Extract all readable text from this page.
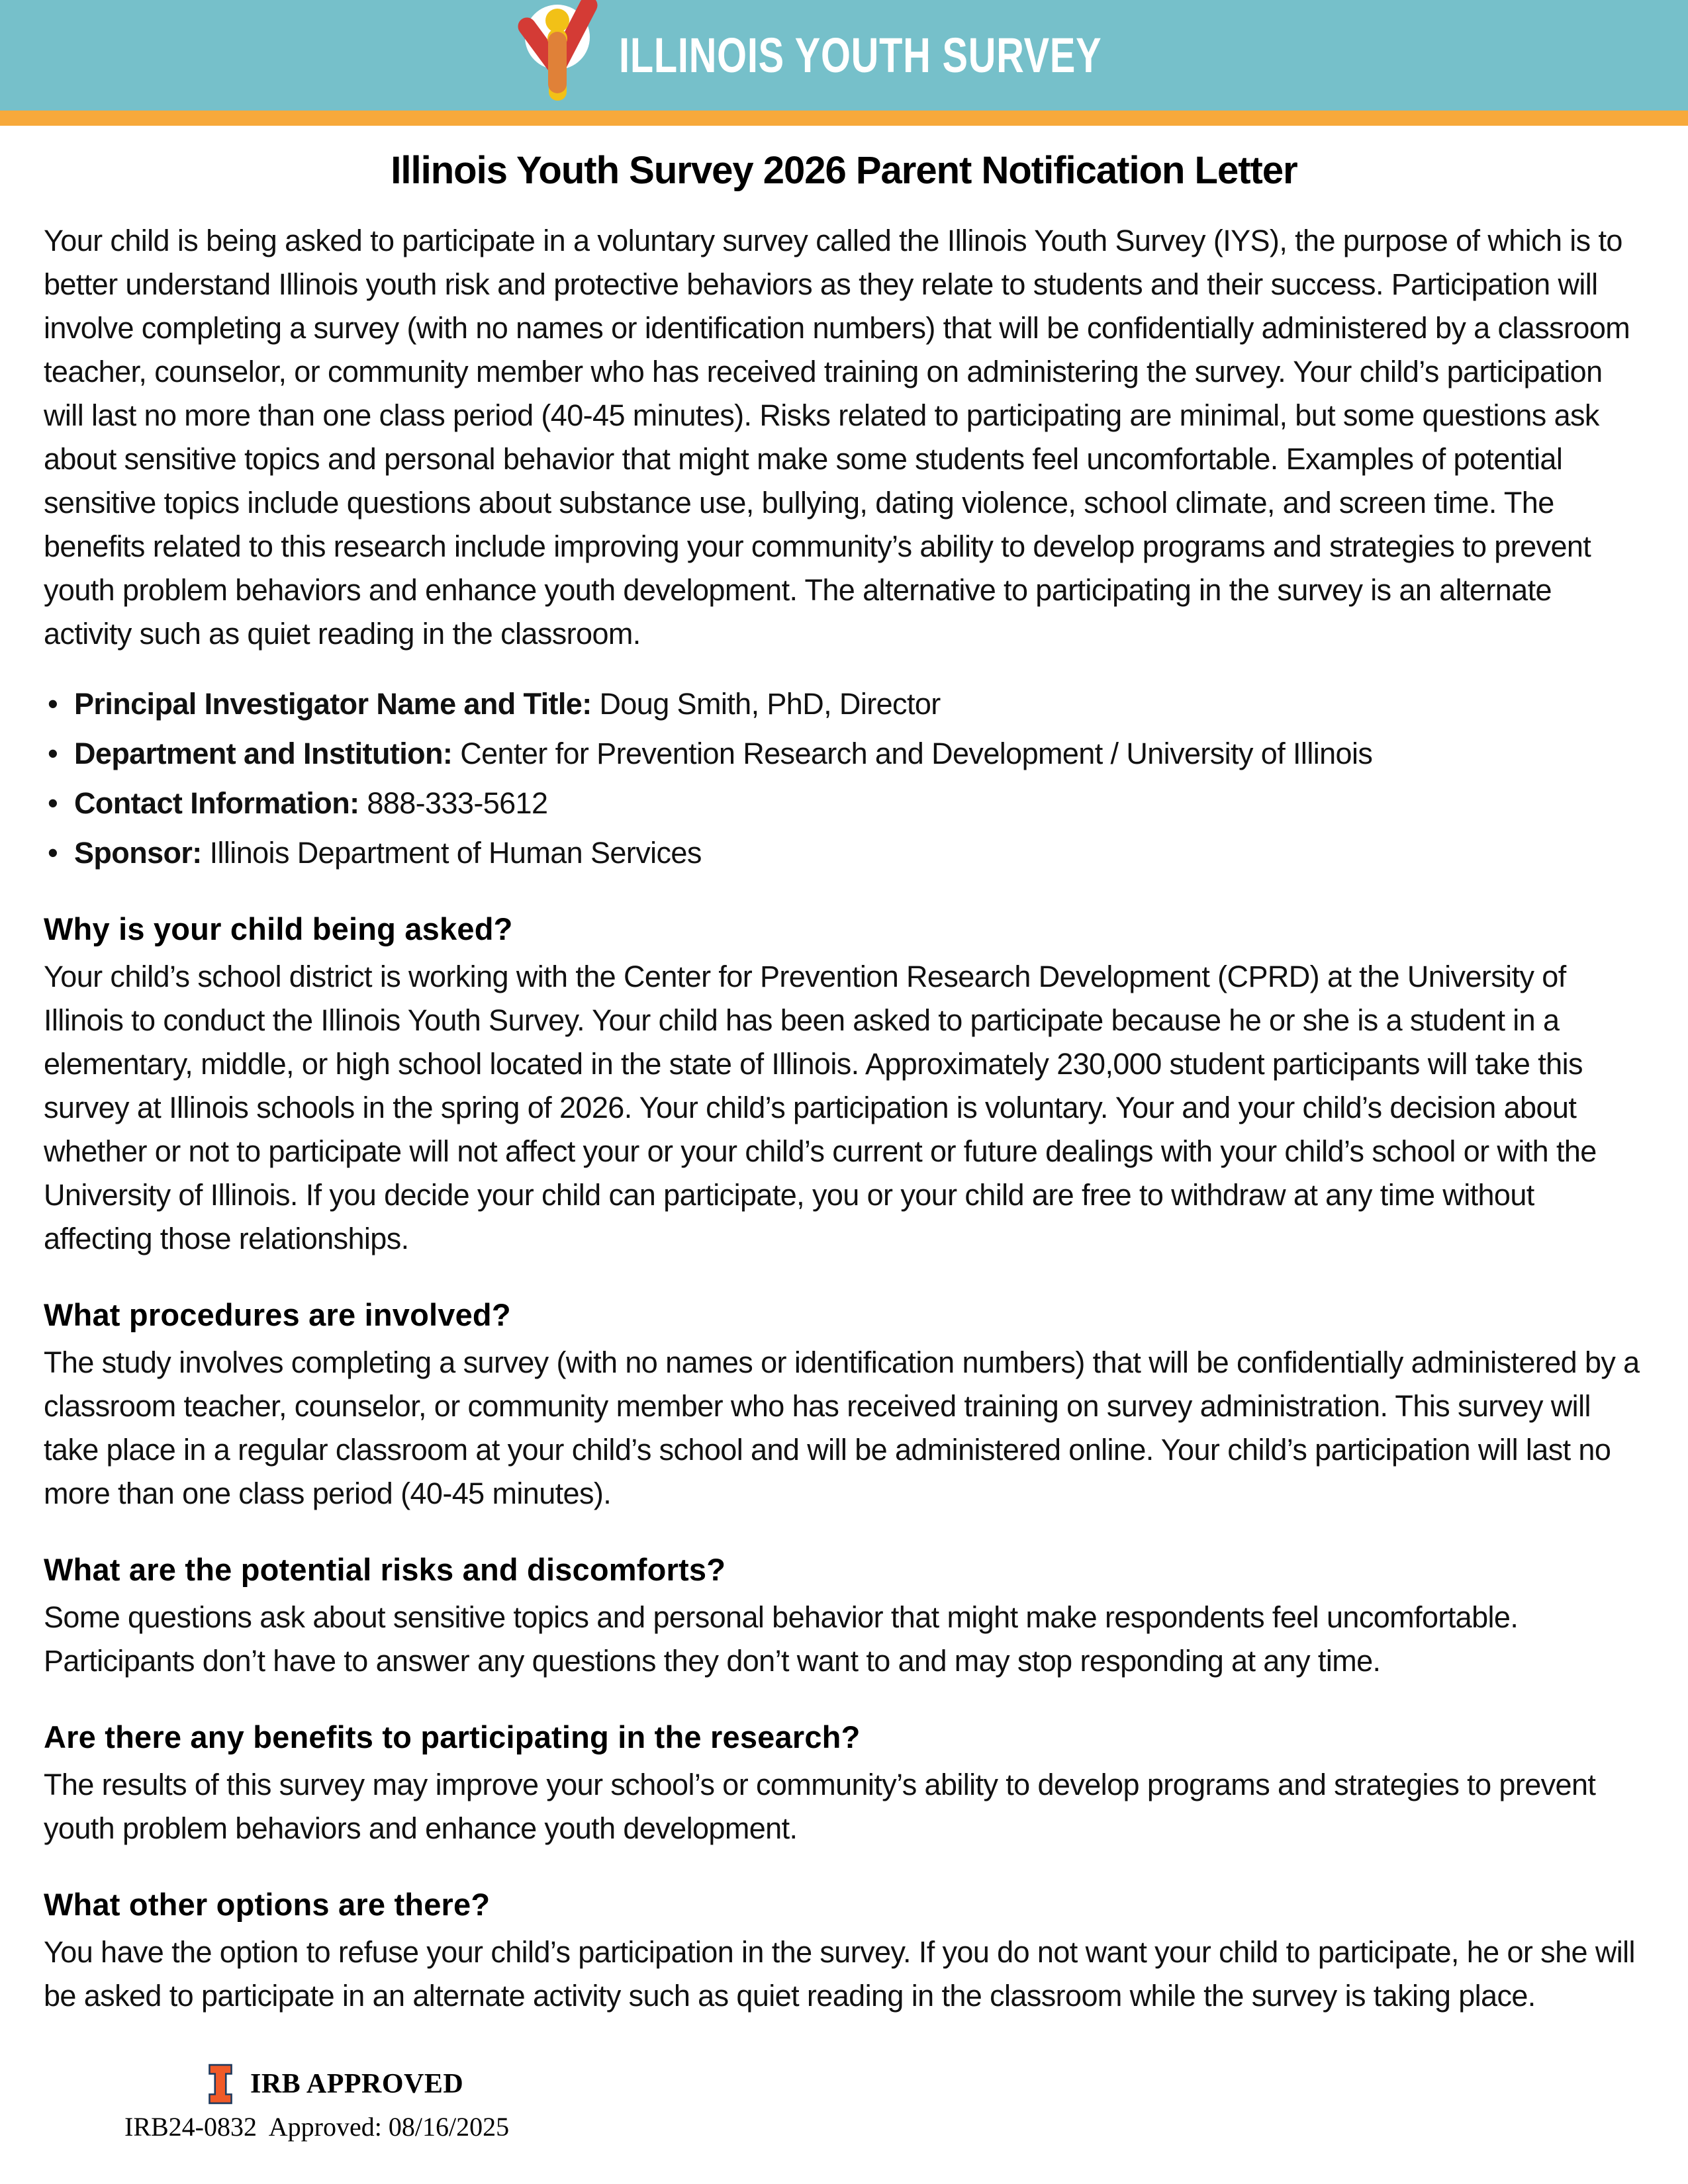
ILLINOIS YOUTH SURVEY
Illinois Youth Survey 2026 Parent Notification Letter

Your child is being asked to participate in a voluntary survey called the Illinois Youth Survey (IYS), the purpose of which is to better understand Illinois youth risk and protective behaviors as they relate to students and their success. Participation will involve completing a survey (with no names or identification numbers) that will be confidentially administered by a classroom teacher, counselor, or community member who has received training on administering the survey. Your child’s participation will last no more than one class period (40-45 minutes). Risks related to participating are minimal, but some questions ask about sensitive topics and personal behavior that might make some students feel uncomfortable. Examples of potential sensitive topics include questions about substance use, bullying, dating violence, school climate, and screen time. The benefits related to this research include improving your community’s ability to develop programs and strategies to prevent youth problem behaviors and enhance youth development. The alternative to participating in the survey is an alternate activity such as quiet reading in the classroom.

• Principal Investigator Name and Title: Doug Smith, PhD, Director
• Department and Institution: Center for Prevention Research and Development / University of Illinois
• Contact Information: 888-333-5612
• Sponsor: Illinois Department of Human Services
Why is your child being asked?

Your child’s school district is working with the Center for Prevention Research Development (CPRD) at the University of Illinois to conduct the Illinois Youth Survey. Your child has been asked to participate because he or she is a student in a elementary, middle, or high school located in the state of Illinois. Approximately 230,000 student participants will take this survey at Illinois schools in the spring of 2026. Your child’s participation is voluntary. Your and your child’s decision about whether or not to participate will not affect your or your child’s current or future dealings with your child’s school or with the University of Illinois. If you decide your child can participate, you or your child are free to withdraw at any time without affecting those relationships.

What procedures are involved?

The study involves completing a survey (with no names or identification numbers) that will be confidentially administered by a classroom teacher, counselor, or community member who has received training on survey administration. This survey will take place in a regular classroom at your child’s school and will be administered online. Your child’s participation will last no more than one class period (40-45 minutes).

What are the potential risks and discomforts?

Some questions ask about sensitive topics and personal behavior that might make respondents feel uncomfortable. Participants don’t have to answer any questions they don’t want to and may stop responding at any time.

Are there any benefits to participating in the research?

The results of this survey may improve your school’s or community’s ability to develop programs and strategies to prevent youth problem behaviors and enhance youth development.

What other options are there?

You have the option to refuse your child’s participation in the survey. If you do not want your child to participate, he or she will be asked to participate in an alternate activity such as quiet reading in the classroom while the survey is taking place.

IRB APPROVED
IRB24-0832  Approved: 08/16/2025
